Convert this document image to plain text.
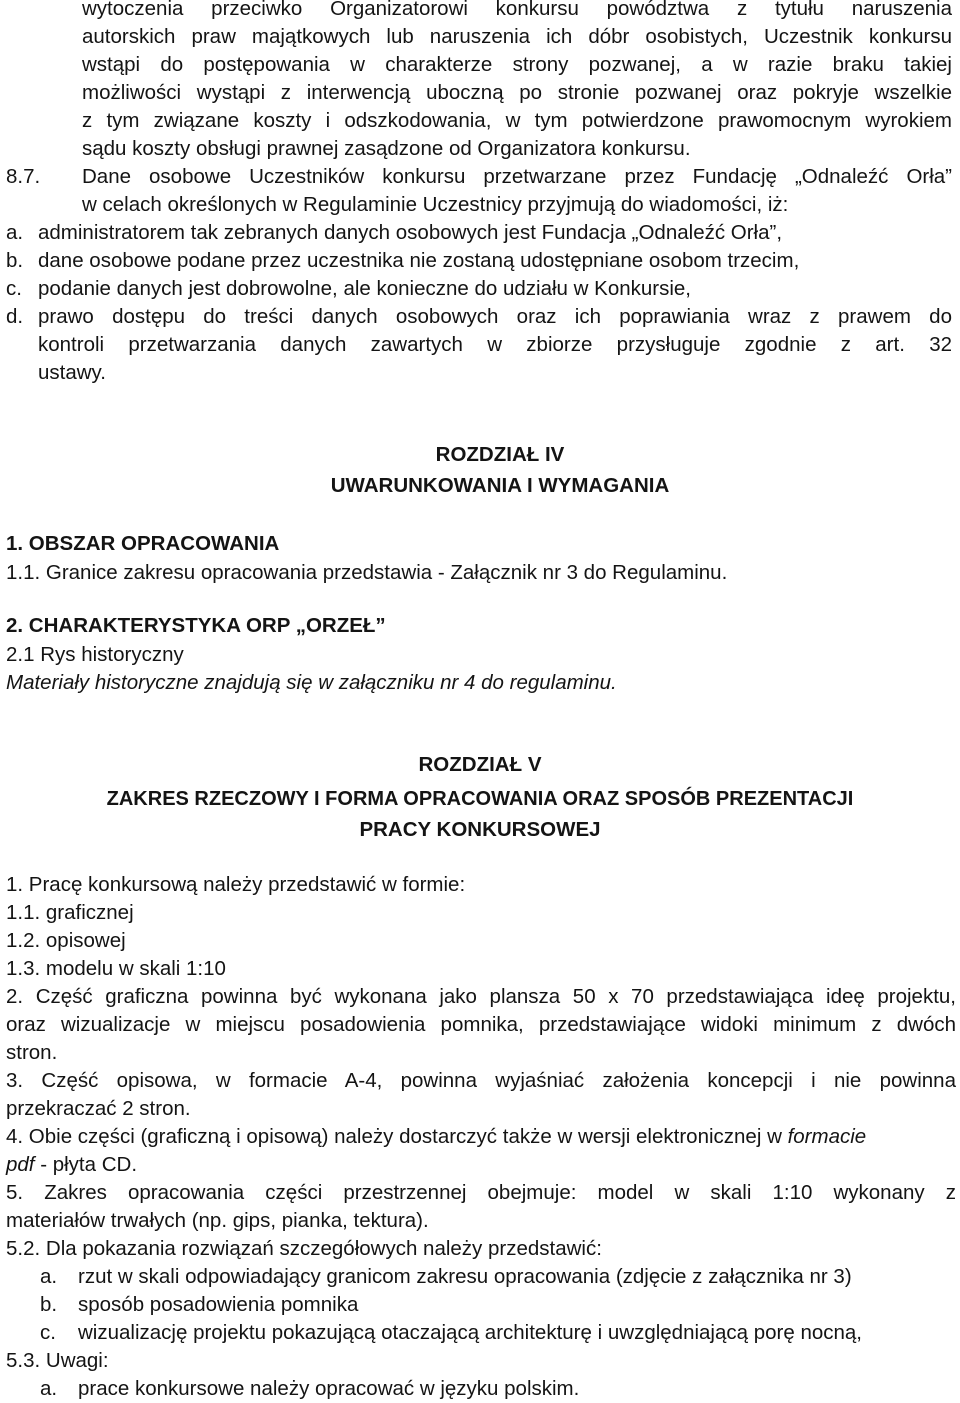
wytoczenia przeciwko Organizatorowi konkursu powództwa z tytułu naruszenia
autorskich praw majątkowych lub naruszenia ich dóbr osobistych, Uczestnik konkursu
wstąpi do postępowania w charakterze strony pozwanej, a w razie braku takiej
możliwości wystąpi z interwencją uboczną po stronie pozwanej oraz pokryje wszelkie
z tym związane koszty i odszkodowania, w tym potwierdzone prawomocnym wyrokiem
sądu koszty obsługi prawnej zasądzone od Organizatora konkursu.
8.7.	Dane osobowe Uczestników konkursu przetwarzane przez Fundację „Odnaleźć Orła”
w celach określonych w Regulaminie Uczestnicy przyjmują do wiadomości, iż:
a. administratorem tak zebranych danych osobowych jest Fundacja „Odnaleźć Orła”,
b. dane osobowe podane przez uczestnika nie zostaną udostępniane osobom trzecim,
c. podanie danych jest dobrowolne, ale konieczne do udziału w Konkursie,
d. prawo dostępu do treści danych osobowych oraz ich poprawiania wraz z prawem do
kontroli przetwarzania danych zawartych w zbiorze przysługuje zgodnie z art. 32
ustawy.
ROZDZIAŁ IV
UWARUNKOWANIA I WYMAGANIA
1. OBSZAR OPRACOWANIA
1.1. Granice zakresu opracowania przedstawia - Załącznik nr 3 do Regulaminu.
2. CHARAKTERYSTYKA ORP „ORZEŁ”
2.1 Rys historyczny
Materiały historyczne znajdują się w załączniku nr 4 do regulaminu.
ROZDZIAŁ V
ZAKRES RZECZOWY I FORMA OPRACOWANIA ORAZ SPOSÓB PREZENTACJI
PRACY KONKURSOWEJ
1. Pracę konkursową należy przedstawić w formie:
1.1. graficznej
1.2. opisowej
1.3. modelu w skali 1:10
2. Część graficzna powinna być wykonana jako plansza 50 x 70 przedstawiająca ideę projektu,
oraz wizualizacje w miejscu posadowienia pomnika, przedstawiające widoki minimum z dwóch
stron.
3. Część opisowa, w formacie A-4, powinna wyjaśniać założenia koncepcji i nie powinna
przekraczać 2 stron.
4. Obie części (graficzną i opisową) należy dostarczyć także w wersji elektronicznej w formacie
pdf - płyta CD.
5. Zakres opracowania części przestrzennej obejmuje: model w skali 1:10 wykonany z
materiałów trwałych (np. gips, pianka, tektura).
5.2. Dla pokazania rozwiązań szczegółowych należy przedstawić:
a.	rzut w skali odpowiadający granicom zakresu opracowania (zdjęcie z załącznika nr 3)
b.	sposób posadowienia pomnika
c.	wizualizację projektu pokazującą otaczającą architekturę i uwzględniającą porę nocną,
5.3. Uwagi:
a.	prace konkursowe należy opracować w języku polskim.
